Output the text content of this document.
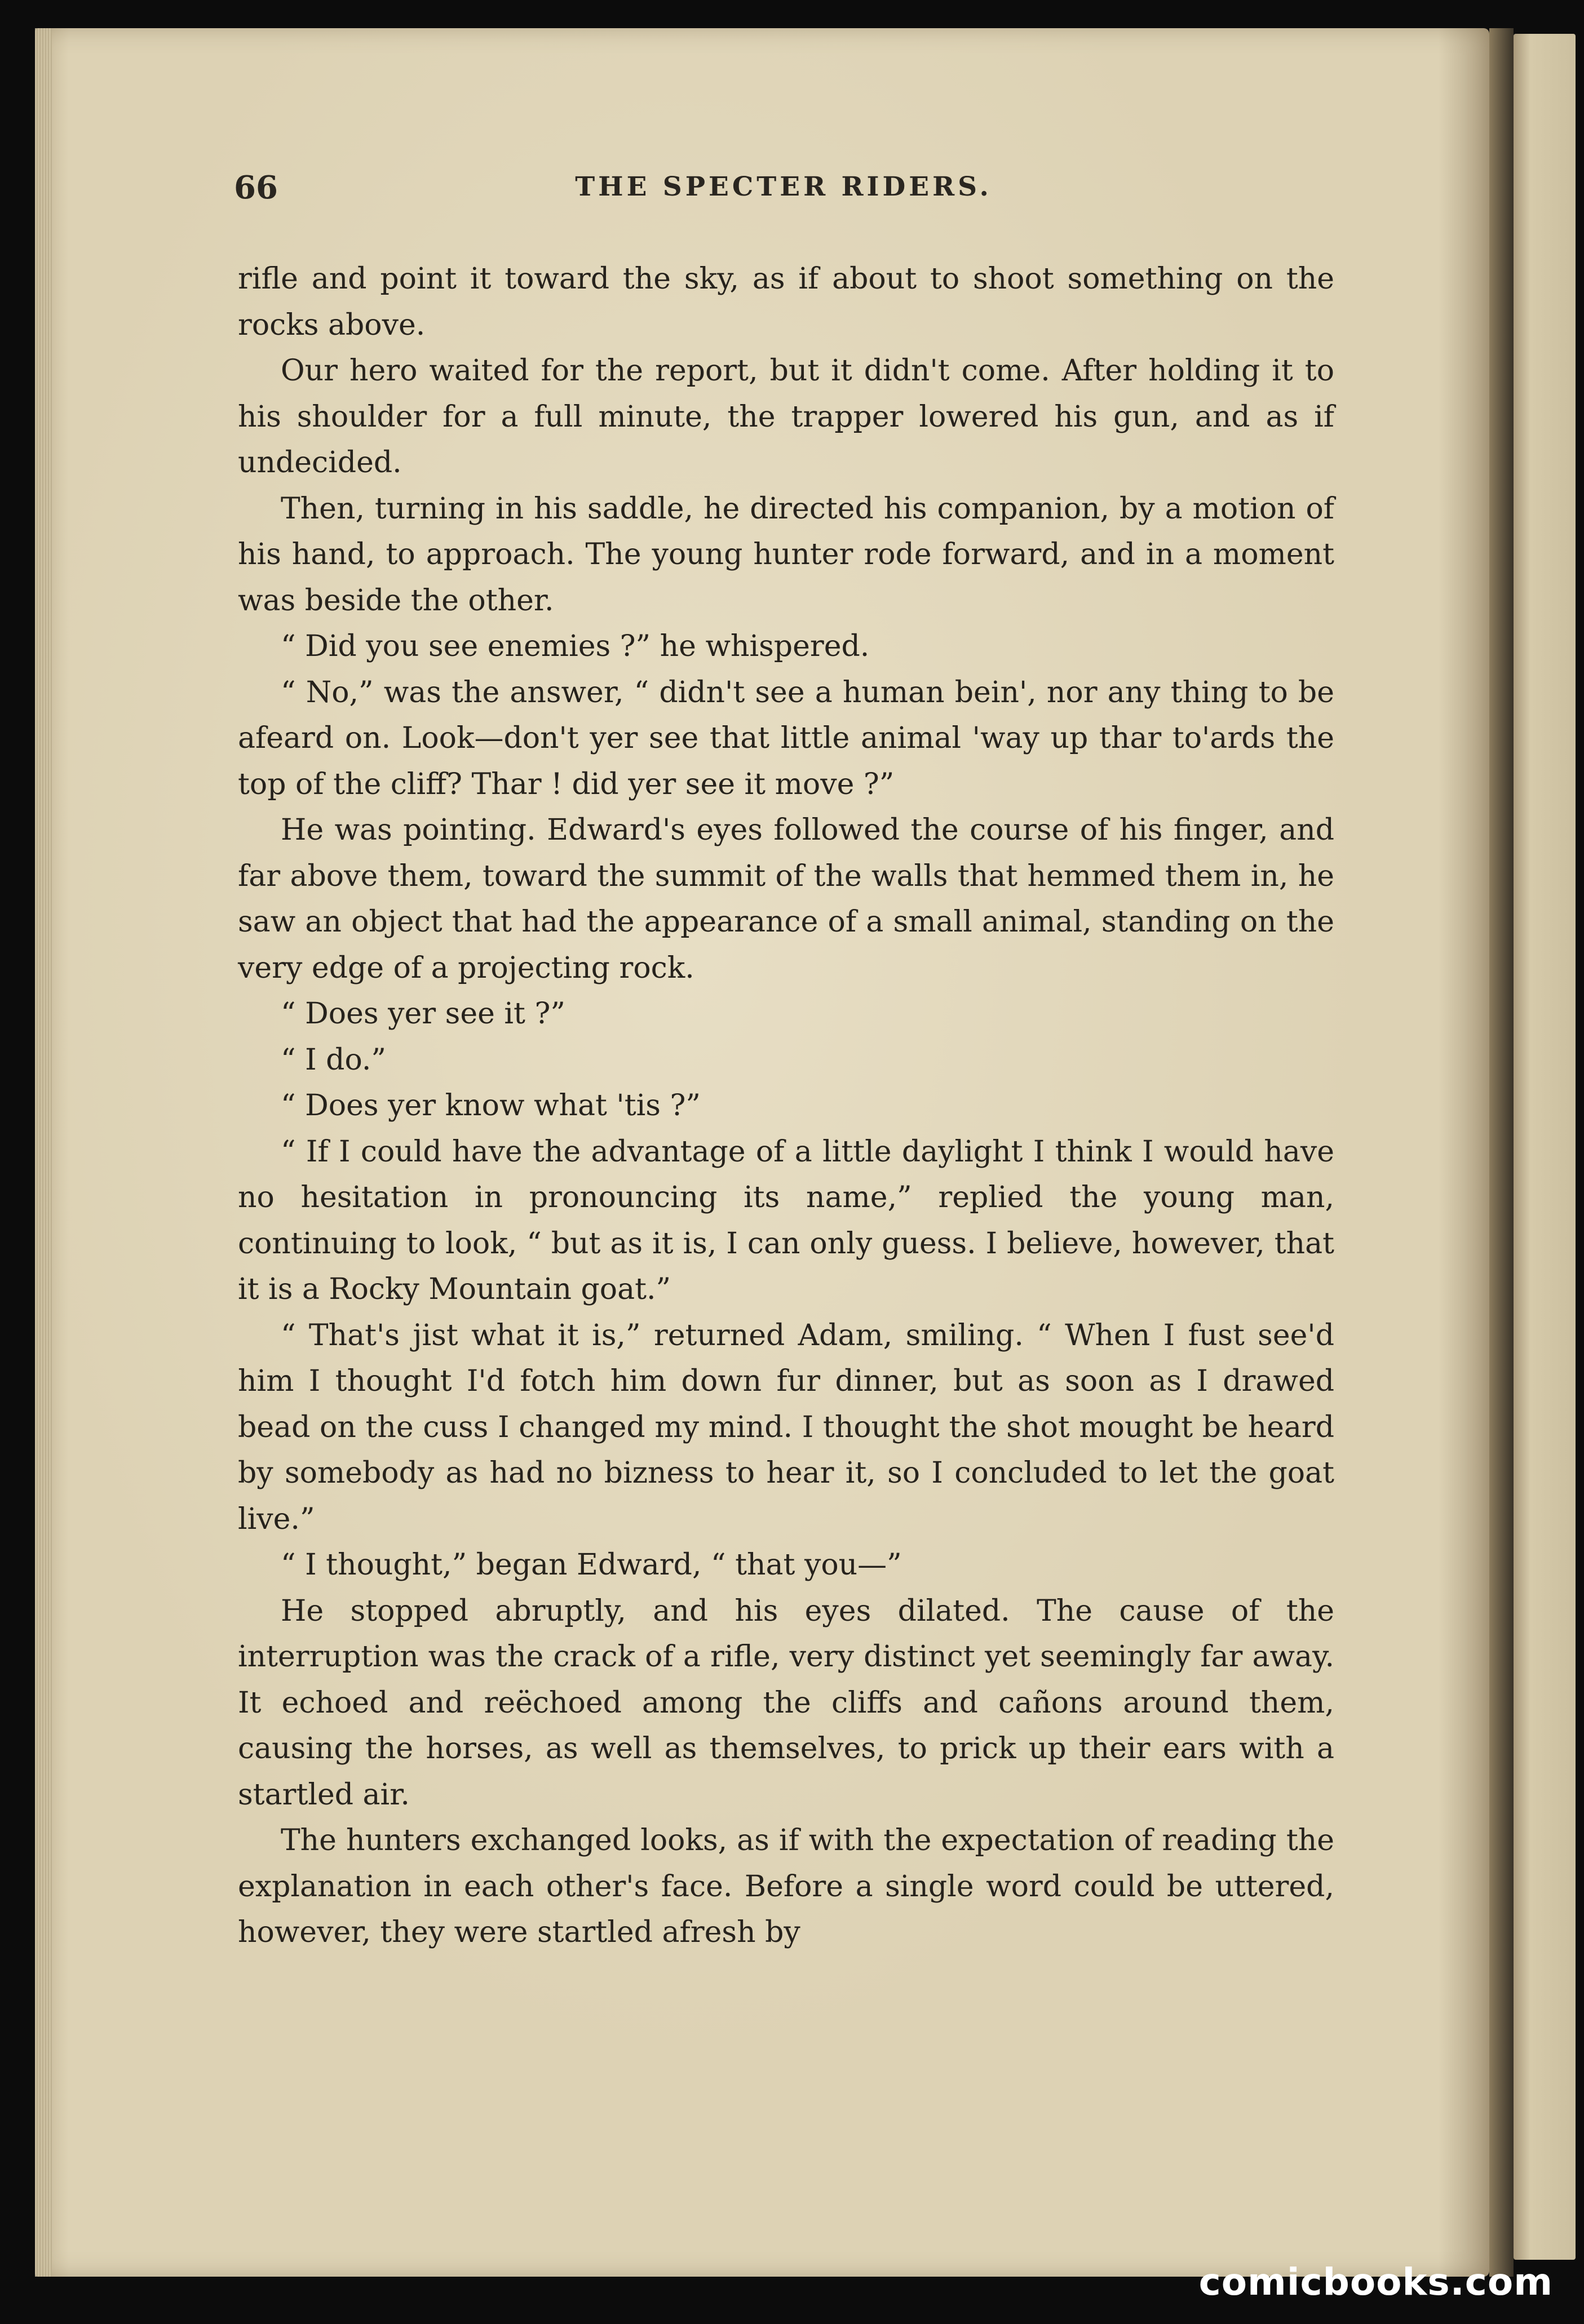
66	THE SPECTER RIDERS.

rifle and point it toward the sky, as if about to shoot something on the rocks above.

Our hero waited for the report, but it didn't come. After holding it to his shoulder for a full minute, the trapper lowered his gun, and as if undecided.

Then, turning in his saddle, he directed his companion, by a motion of his hand, to approach. The young hunter rode forward, and in a moment was beside the other.

“ Did you see enemies ?” he whispered.

“ No,” was the answer, “ didn't see a human bein', nor any thing to be afeard on. Look—don't yer see that little animal 'way up thar to'ards the top of the cliff? Thar ! did yer see it move ?”

He was pointing. Edward's eyes followed the course of his finger, and far above them, toward the summit of the walls that hemmed them in, he saw an object that had the appearance of a small animal, standing on the very edge of a projecting rock.

“ Does yer see it ?”

“ I do.”

“ Does yer know what 'tis ?”

“ If I could have the advantage of a little daylight I think I would have no hesitation in pronouncing its name,” replied the young man, continuing to look, “ but as it is, I can only guess. I believe, however, that it is a Rocky Mountain goat.”

“ That's jist what it is,” returned Adam, smiling. “ When I fust see'd him I thought I'd fotch him down fur dinner, but as soon as I drawed bead on the cuss I changed my mind. I thought the shot mought be heard by somebody as had no bizness to hear it, so I concluded to let the goat live.”

“ I thought,” began Edward, “ that you—”

He stopped abruptly, and his eyes dilated. The cause of the interruption was the crack of a rifle, very distinct yet seemingly far away. It echoed and reëchoed among the cliffs and cañons around them, causing the horses, as well as themselves, to prick up their ears with a startled air.

The hunters exchanged looks, as if with the expectation of reading the explanation in each other's face. Before a single word could be uttered, however, they were startled afresh by

comicbooks.com
